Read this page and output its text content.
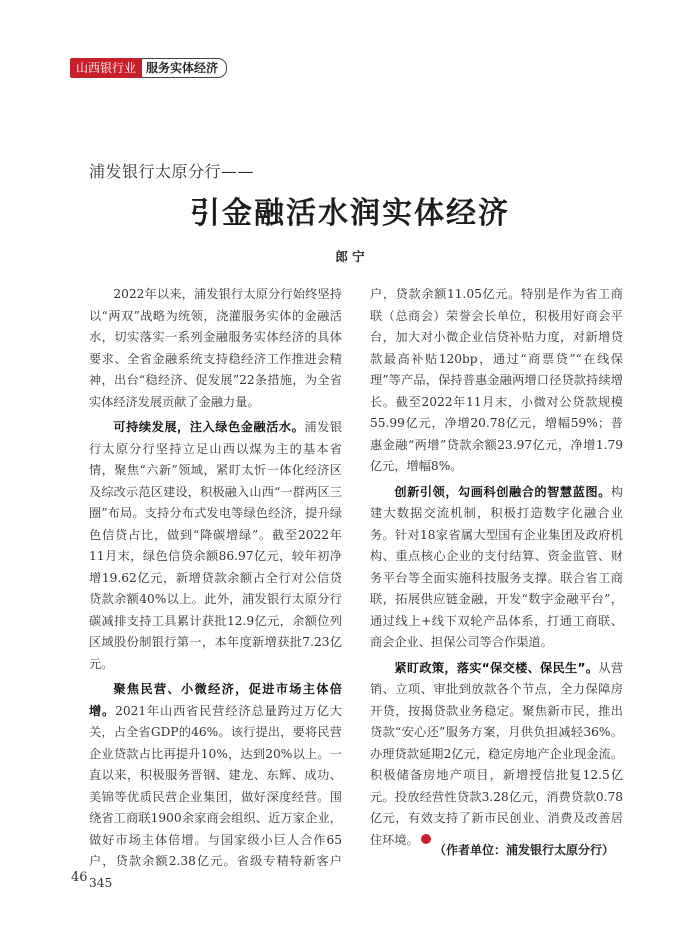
山西银行业 服务实体经济
浦发银行太原分行——
引金融活水润实体经济
郎 宁

2022年以来，浦发银行太原分行始终坚持以“两双”战略为统领，浇灌服务实体的金融活水，切实落实一系列金融服务实体经济的具体要求、全省金融系统支持稳经济工作推进会精神，出台“稳经济、促发展”22条措施，为全省实体经济发展贡献了金融力量。

可持续发展，注入绿色金融活水。浦发银行太原分行坚持立足山西以煤为主的基本省情，聚焦“六新”领域，紧盯太忻一体化经济区及综改示范区建设，积极融入山西“一群两区三圈”布局。支持分布式发电等绿色经济，提升绿色信贷占比，做到“降碳增绿”。截至2022年11月末，绿色信贷余额86.97亿元，较年初净增19.62亿元，新增贷款余额占全行对公信贷贷款余额40%以上。此外，浦发银行太原分行碳减排支持工具累计获批12.9亿元，余额位列区域股份制银行第一，本年度新增获批7.23亿元。

聚焦民营、小微经济，促进市场主体倍增。2021年山西省民营经济总量跨过万亿大关，占全省GDP的46%。该行提出，要将民营企业贷款占比再提升10%，达到20%以上。一直以来，积极服务晋钢、建龙、东辉、成功、美锦等优质民营企业集团，做好深度经营。围绕省工商联1900余家商会组织、近万家企业，做好市场主体倍增。与国家级小巨人合作65户，贷款余额2.38亿元。省级专精特新客户345

户，贷款余额11.05亿元。特别是作为省工商联（总商会）荣誉会长单位，积极用好商会平台，加大对小微企业信贷补贴力度，对新增贷款最高补贴120bp，通过“商票贷”“在线保理”等产品，保持普惠金融两增口径贷款持续增长。截至2022年11月末，小微对公贷款规模55.99亿元，净增20.78亿元，增幅59%；普惠金融“两增”贷款余额23.97亿元，净增1.79亿元，增幅8%。

创新引领，勾画科创融合的智慧蓝图。构建大数据交流机制，积极打造数字化融合业务。针对18家省属大型国有企业集团及政府机构、重点核心企业的支付结算、资金监管、财务平台等全面实施科技服务支撑。联合省工商联，拓展供应链金融，开发“数字金融平台”，通过线上+线下双轮产品体系，打通工商联、商会企业、担保公司等合作渠道。

紧盯政策，落实“保交楼、保民生”。从营销、立项、审批到放款各个节点，全力保障房开贷，按揭贷款业务稳定。聚焦新市民，推出贷款“安心还”服务方案，月供负担减轻36%。办理贷款延期2亿元，稳定房地产企业现金流。积极储备房地产项目，新增授信批复12.5亿元。投放经营性贷款3.28亿元，消费贷款0.78亿元，有效支持了新市民创业、消费及改善居住环境。

（作者单位：浦发银行太原分行）
46
